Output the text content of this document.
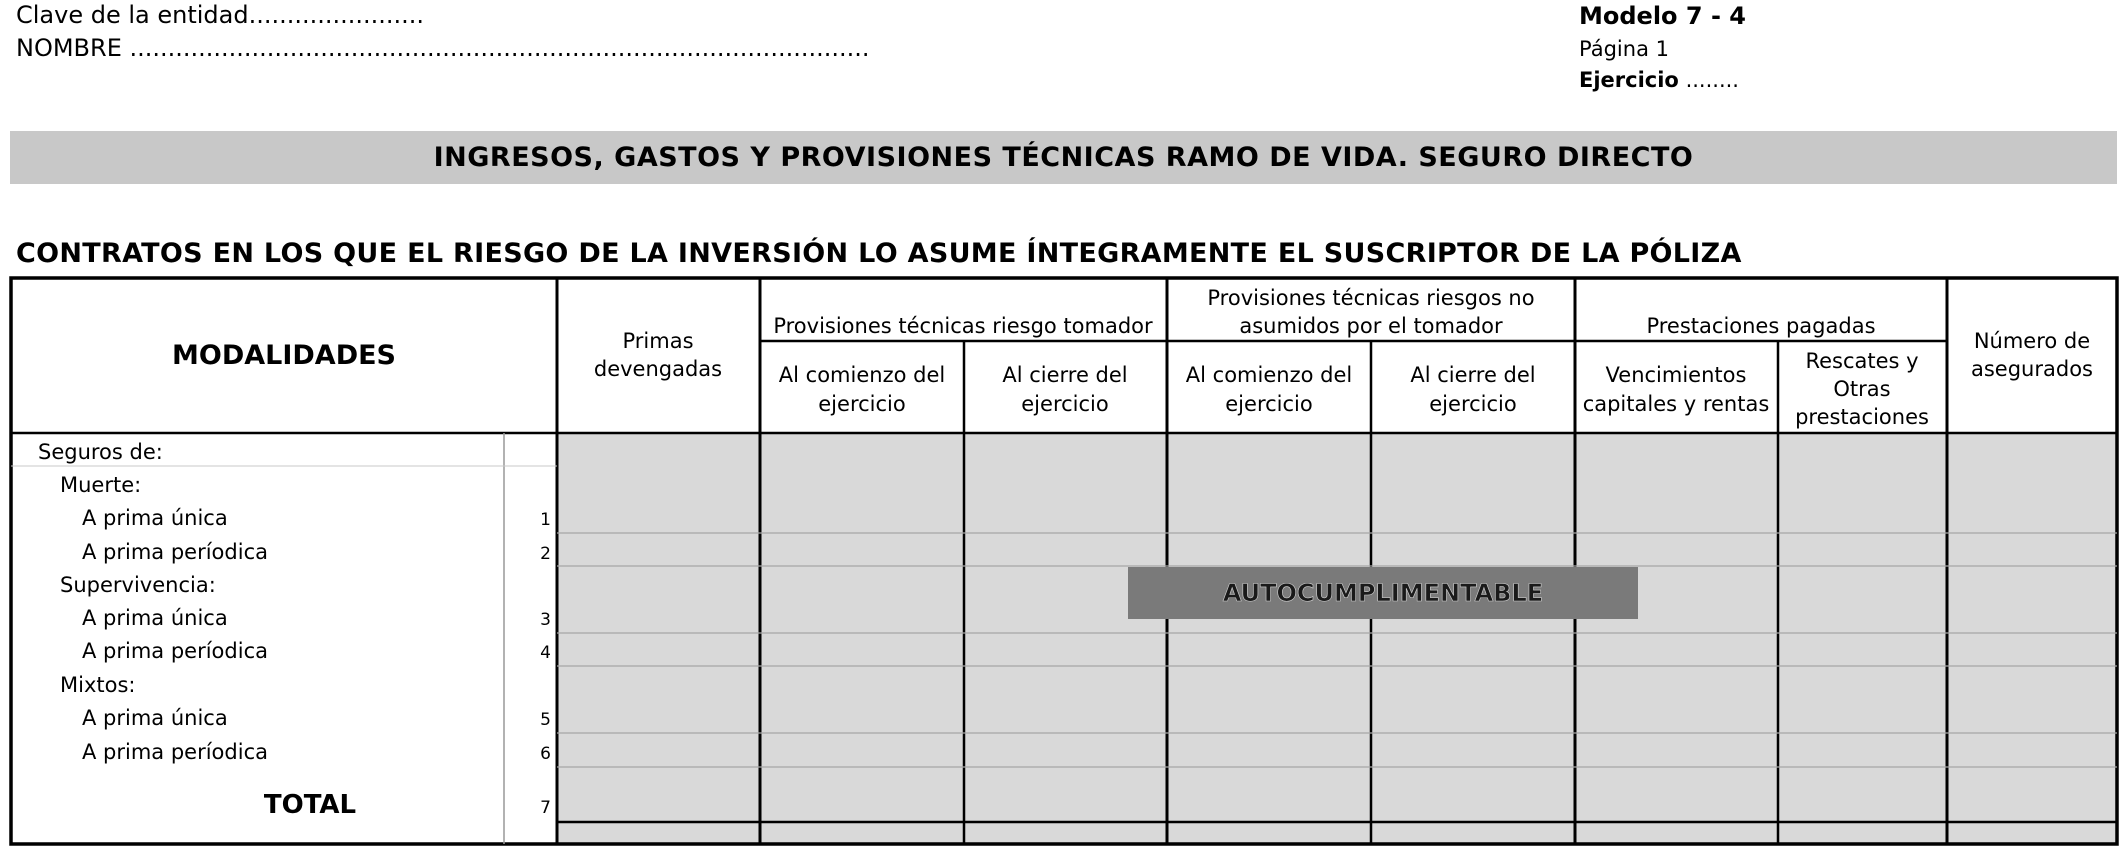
Clave de la entidad.......................
NOMBRE .................................................................................................
Modelo 7 - 4
Página 1
Ejercicio ........
INGRESOS, GASTOS Y PROVISIONES TÉCNICAS RAMO DE VIDA. SEGURO DIRECTO
CONTRATOS EN LOS QUE EL RIESGO DE LA INVERSIÓN LO ASUME ÍNTEGRAMENTE EL SUSCRIPTOR DE LA PÓLIZA
MODALIDADES	Primas
devengadas
Provisiones técnicas riesgo tomador
Provisiones técnicas riesgos no
asumidos por el tomador	Prestaciones pagadas
Número de
asegurados
Al comienzo del
ejercicio
Al cierre del
ejercicio
Al comienzo del
ejercicio
Al cierre del
ejercicio
Vencimientos
capitales y rentas
Rescates y
Otras
prestaciones
Seguros de:
Muerte:
A prima única
A prima períodica
Supervivencia:
A prima única
A prima períodica
Mixtos:
A prima única
A prima períodica
TOTAL
1
2
3
4
5
6
7
AUTOCUMPLIMENTABLE
